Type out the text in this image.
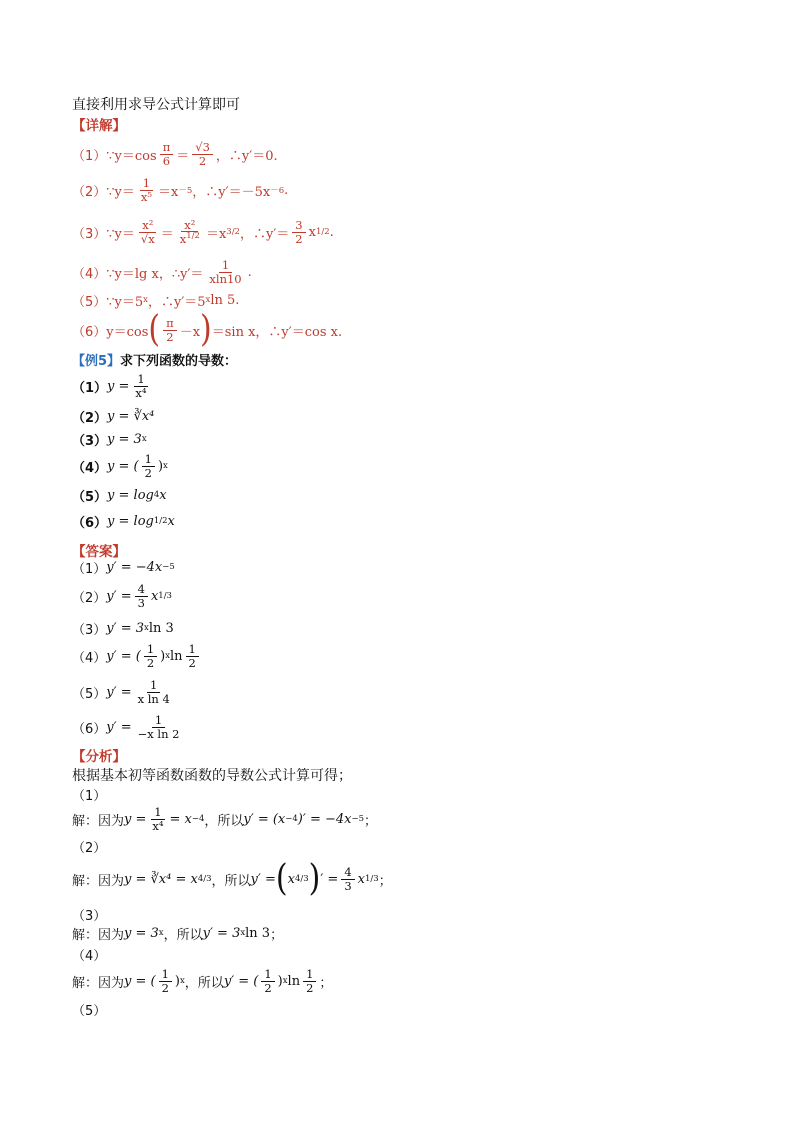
直接利用求导公式计算即可
【详解】
（1） ∵y＝cos $\frac{\pi}{6} = \frac{√3}{2}$ ，∴y′＝0.
（2） ∵y＝ $\frac{1}{\text{x⁵}} =x -5$ ，∴y′＝－5x －6 .
（3） ∵y＝ $\frac{\text{x²}}{√x} = \frac{\text{x²}}{x^{1/2}} =x$ 3/2 ，∴y′＝ $\frac{3}{2}$ x 1/2 .
（4） ∵y＝lg x，∴y′＝ $\frac{1}{xln10}$ .
（5） ∵y＝5 x ，∴y′＝5 x ln 5.
（6） y＝cos ( $\frac{\pi}{2} -x$ ) ＝sin x，∴y′＝cos x.
【例5】 求下列函数的导数：
（1） $y = \frac{1}{\text{x⁴}}$
（2） y = ∛x⁴
（3） y = 3 x
（4） y = ( $\frac{1}{2}$ ) x
（5） y = log 4 x
（6） y = log 1/2 x
【答案】
（1） y′ = −4x −5
（2） $y' = \frac{4}{3}$ x 1/3
（3） y′ = 3 x ln 3
（4） y′ = ( $\frac{1}{2}$ ) x $\ln \frac{1}{2}$
（5） $y' = \frac{1}{\text{x ln 4}}$
（6） $y' = \frac{1}{\text{−x ln 2}}$
【分析】
根据基本初等函数函数的导数公式计算可得；
（1）
解：因为 $y = \frac{1}{\text{x⁴}} = x -4$ ，所以 y′ = (x −4 )′ = −4x −5 ；
（2）
解：因为 y = ∛x⁴ = x 4/3 ，所以 y′ = ( x 4/3 ) ′ = $\frac{4}{3}$ x 1/3 ；
（3）
解：因为 y = 3 x ，所以 y′ = 3 x ln 3 ；
（4）
解：因为 y = ( $\frac{1}{2}$ ) x ，所以 y′ = ( $\frac{1}{2}$ ) x $\ln \frac{1}{2}$ ；
（5）
